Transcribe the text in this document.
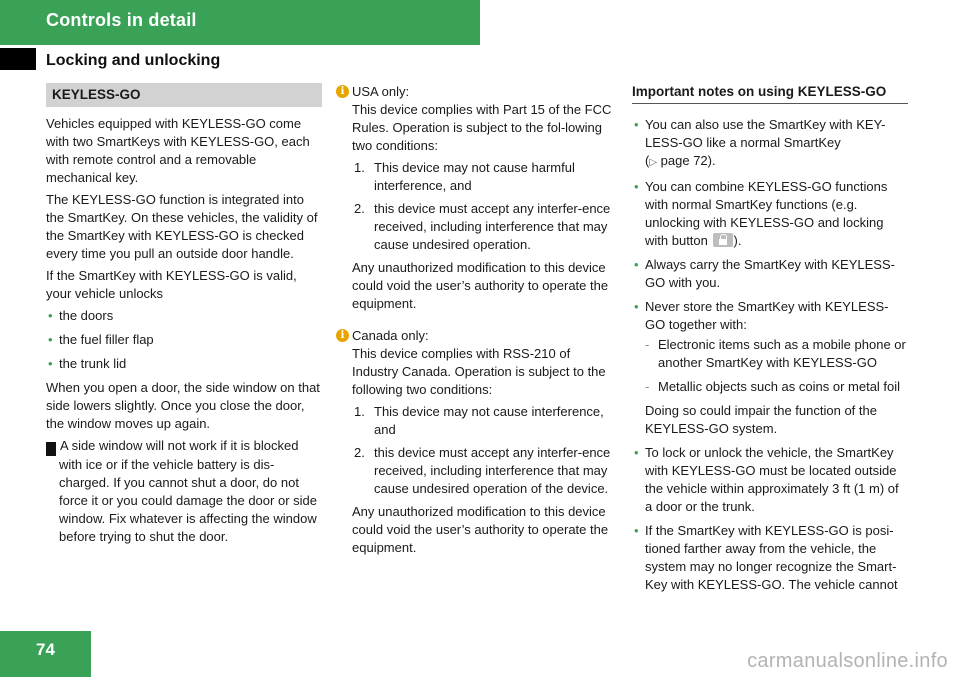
Controls in detail
Locking and unlocking
KEYLESS-GO

Vehicles equipped with KEYLESS-GO come with two SmartKeys with KEYLESS-GO, each with remote control and a removable mechanical key.

The KEYLESS-GO function is integrated into the SmartKey. On these vehicles, the validity of the SmartKey with KEYLESS-GO is checked every time you pull an outside door handle.

If the SmartKey with KEYLESS-GO is valid, your vehicle unlocks

• the doors
• the fuel filler flap
• the trunk lid

When you open a door, the side window on that side lowers slightly. Once you close the door, the window moves up again.

! A side window will not work if it is blocked with ice or if the vehicle battery is dis-charged. If you cannot shut a door, do not force it or you could damage the door or side window. Fix whatever is affecting the window before trying to shut the door.

i USA only:

This device complies with Part 15 of the FCC Rules. Operation is subject to the fol-lowing two conditions:

1. This device may not cause harmful interference, and
2. this device must accept any interfer-ence received, including interference that may cause undesired operation.

Any unauthorized modification to this device could void the user’s authority to operate the equipment.

i Canada only:

This device complies with RSS-210 of Industry Canada. Operation is subject to the following two conditions:

1. This device may not cause interference, and
2. this device must accept any interfer-ence received, including interference that may cause undesired operation of the device.

Any unauthorized modification to this device could void the user’s authority to operate the equipment.

Important notes on using KEYLESS-GO
• You can also use the SmartKey with KEY-LESS-GO like a normal SmartKey
(▷ page 72).
• You can combine KEYLESS-GO functions with normal SmartKey functions (e.g. unlocking with KEYLESS-GO and locking with button ).
• Always carry the SmartKey with KEYLESS-GO with you.
• Never store the SmartKey with KEYLESS-GO together with:
- Electronic items such as a mobile phone or another SmartKey with KEYLESS-GO
- Metallic objects such as coins or metal foil
Doing so could impair the function of the KEYLESS-GO system.
• To lock or unlock the vehicle, the SmartKey with KEYLESS-GO must be located outside the vehicle within approximately 3 ft (1 m) of a door or the trunk.
• If the SmartKey with KEYLESS-GO is posi-tioned farther away from the vehicle, the system may no longer recognize the Smart-Key with KEYLESS-GO. The vehicle cannot
74
carmanualsonline.info
